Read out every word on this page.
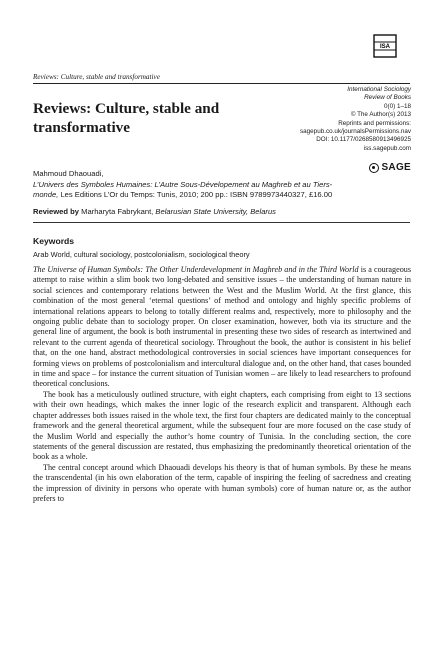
Reviews: Culture, stable and transformative
ISA
Reviews: Culture, stable and transformative
International Sociology
Review of Books
0(0) 1–18
© The Author(s) 2013
Reprints and permissions:
sagepub.co.uk/journalsPermissions.nav
DOI: 10.1177/0268580913496925
iss.sagepub.com
SAGE
Mahmoud Dhaouadi,
L’Univers des Symboles Humaines: L’Autre Sous-Dévelopement au Maghreb et au Tiers-
monde, Les Editions L’Or du Temps: Tunis, 2010; 200 pp.: ISBN 9789973440327, £16.00
Reviewed by Marharyta Fabrykant, Belarusian State University, Belarus
Keywords
Arab World, cultural sociology, postcolonialism, sociological theory

The Universe of Human Symbols: The Other Underdevelopment in Maghreb and in the Third World is a courageous attempt to raise within a slim book two long-debated and sensitive issues – the understanding of human nature in social sciences and contemporary relations between the West and the Muslim World. At the first glance, this combination of the most general ‘eternal questions’ of method and ontology and highly specific problems of international relations appears to belong to totally different realms and, respectively, more to philosophy and the ongoing public debate than to sociology proper. On closer examination, however, both via its structure and the general line of argument, the book is both instrumental in presenting these two sides of research as intertwined and relevant to the current agenda of theoretical sociology. Throughout the book, the author is consistent in his belief that, on the one hand, abstract methodological controversies in social sciences have important consequences for forming views on problems of postcolonialism and intercultural dialogue and, on the other hand, that cases bounded in time and space – for instance the current situation of Tunisian women – are likely to lead researchers to profound theoretical conclusions.

The book has a meticulously outlined structure, with eight chapters, each comprising from eight to 13 sections with their own headings, which makes the inner logic of the research explicit and transparent. Although each chapter addresses both issues raised in the whole text, the first four chapters are dedicated mainly to the conceptual framework and the general theoretical argument, while the subsequent four are more focused on the case study of the Muslim World and especially the author’s home country of Tunisia. In the concluding section, the core statements of the general discussion are restated, thus emphasizing the predominantly theoretical orientation of the book as a whole.

The central concept around which Dhaouadi develops his theory is that of human symbols. By these he means the transcendental (in his own elaboration of the term, capable of inspiring the feeling of sacredness and creating the impression of divinity in persons who operate with human symbols) core of human nature or, as the author prefers to
